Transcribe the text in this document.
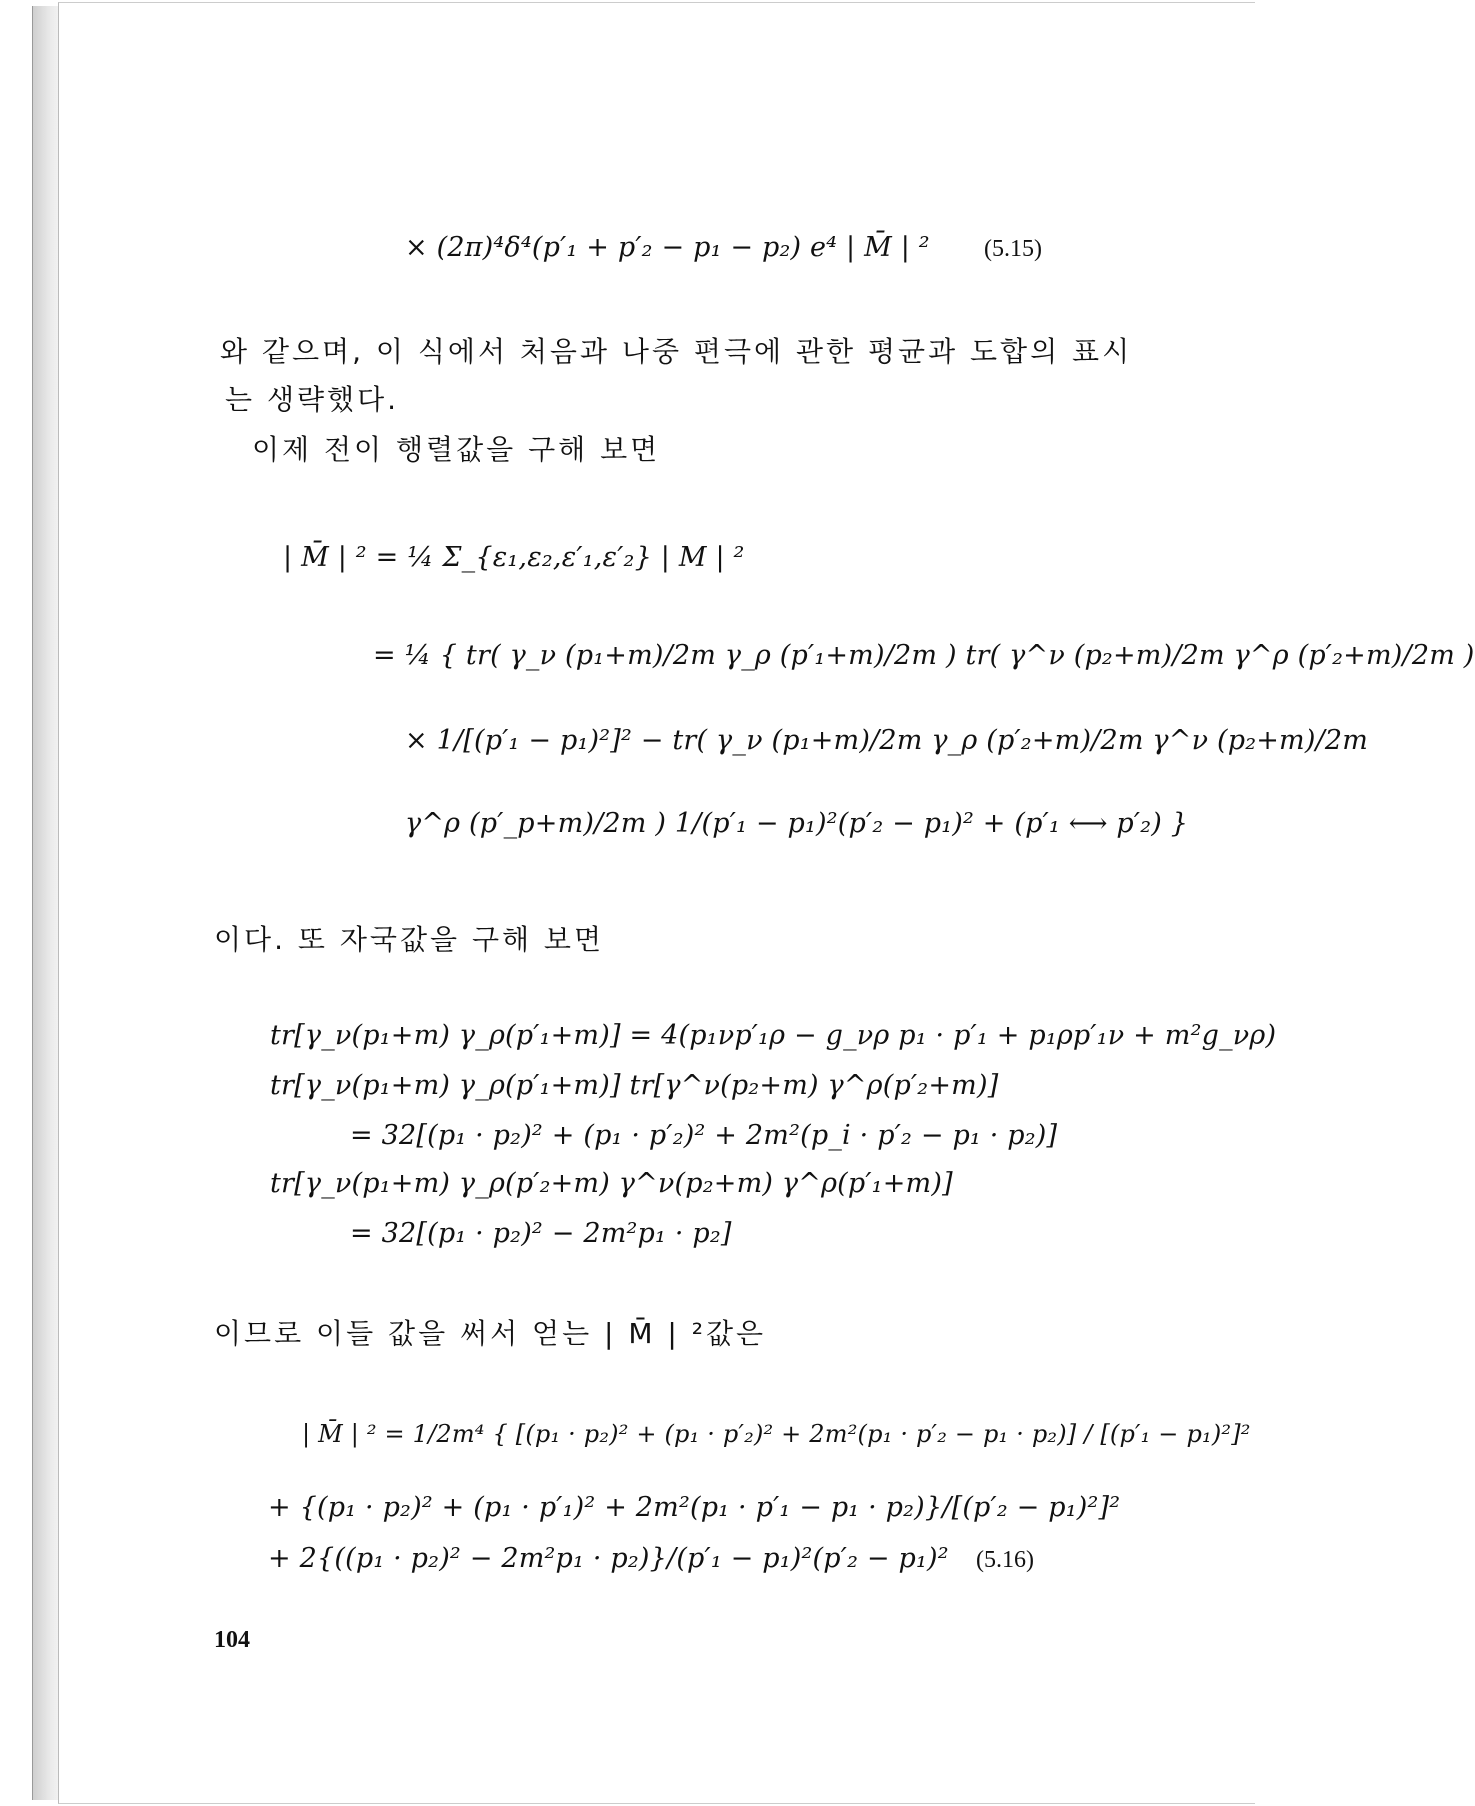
× (2π)⁴δ⁴(p′₁ + p′₂ − p₁ − p₂) e⁴ | M̄ | ² (5.15)
와 같으며, 이 식에서 처음과 나중 편극에 관한 평균과 도합의 표시
는 생략했다.
이제 전이 행렬값을 구해 보면
| M̄ | ² = ¼ Σ_{ε₁,ε₂,ε′₁,ε′₂} | M | ²
= ¼ { tr( γ_ν (p₁+m)/2m γ_ρ (p′₁+m)/2m ) tr( γ^ν (p₂+m)/2m γ^ρ (p′₂+m)/2m )
× 1/[(p′₁ − p₁)²]² − tr( γ_ν (p₁+m)/2m γ_ρ (p′₂+m)/2m γ^ν (p₂+m)/2m
γ^ρ (p′_p+m)/2m ) 1/(p′₁ − p₁)²(p′₂ − p₁)² + (p′₁ ⟷ p′₂) }
이다. 또 자국값을 구해 보면
tr[γ_ν(p₁+m) γ_ρ(p′₁+m)] = 4(p₁νp′₁ρ − g_νρ p₁ · p′₁ + p₁ρp′₁ν + m²g_νρ)
tr[γ_ν(p₁+m) γ_ρ(p′₁+m)] tr[γ^ν(p₂+m) γ^ρ(p′₂+m)]
= 32[(p₁ · p₂)² + (p₁ · p′₂)² + 2m²(p_i · p′₂ − p₁ · p₂)]
tr[γ_ν(p₁+m) γ_ρ(p′₂+m) γ^ν(p₂+m) γ^ρ(p′₁+m)]
= 32[(p₁ · p₂)² − 2m²p₁ · p₂]
이므로 이들 값을 써서 얻는 | M̄ | ²값은
| M̄ | ² = 1/2m⁴ { [(p₁ · p₂)² + (p₁ · p′₂)² + 2m²(p₁ · p′₂ − p₁ · p₂)] / [(p′₁ − p₁)²]²
+ {(p₁ · p₂)² + (p₁ · p′₁)² + 2m²(p₁ · p′₁ − p₁ · p₂)}/[(p′₂ − p₁)²]²
+ 2{((p₁ · p₂)² − 2m²p₁ · p₂)}/(p′₁ − p₁)²(p′₂ − p₁)² (5.16)
104
